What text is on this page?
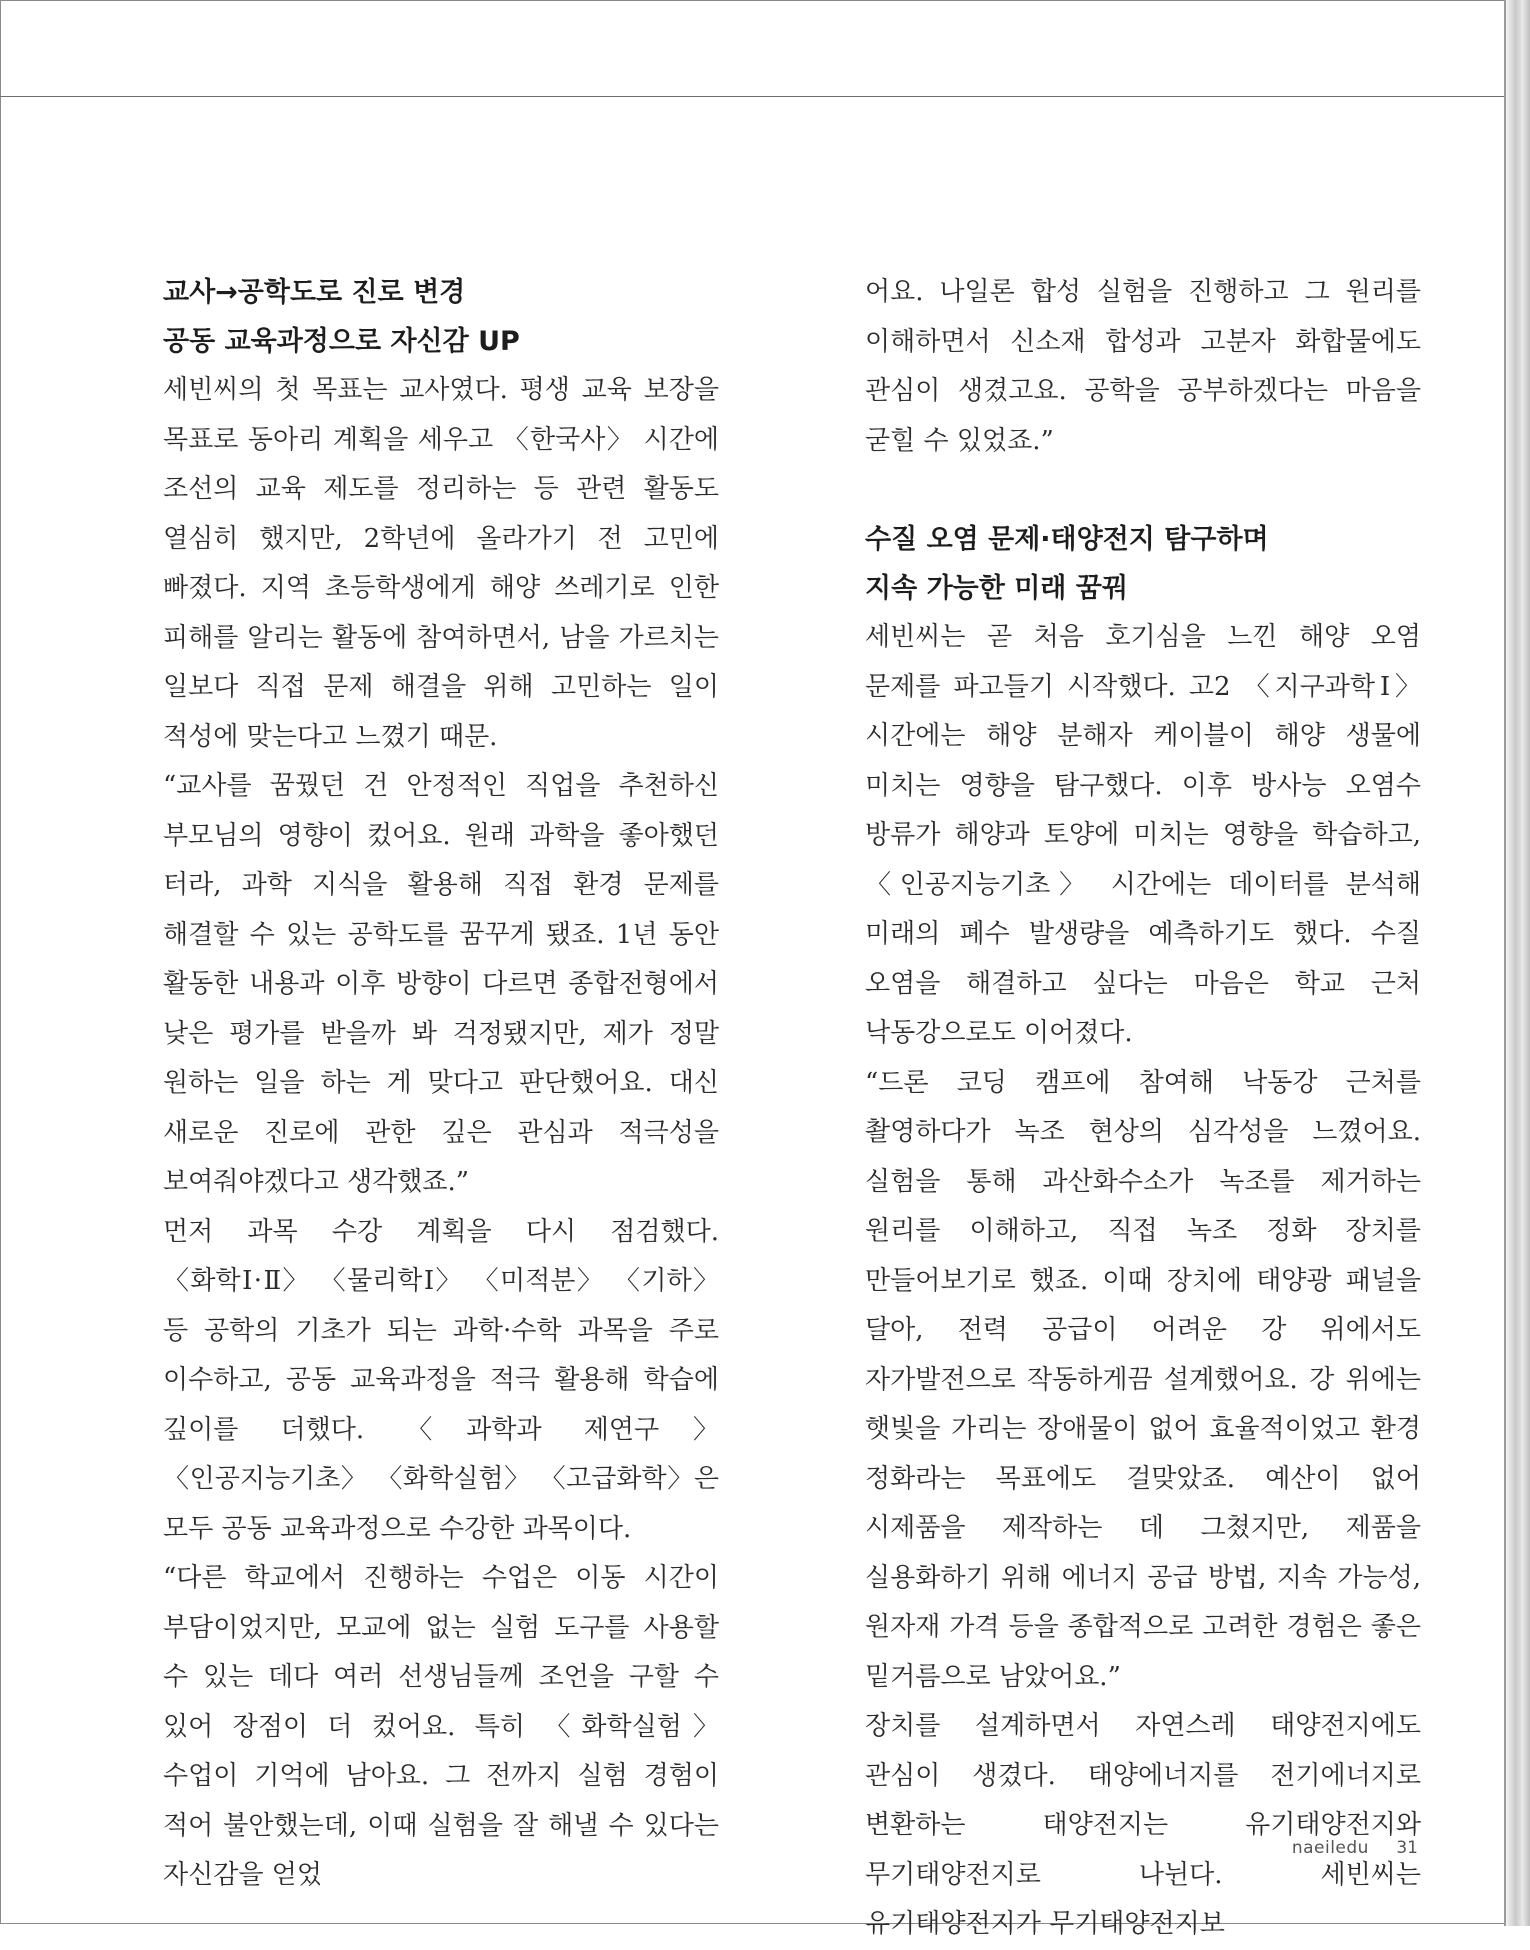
교사→공학도로 진로 변경
공동 교육과정으로 자신감 UP

세빈씨의 첫 목표는 교사였다. 평생 교육 보장을 목표로 동아리 계획을 세우고 〈한국사〉 시간에 조선의 교육 제도를 정리하는 등 관련 활동도 열심히 했지만, 2학년에 올라가기 전 고민에 빠졌다. 지역 초등학생에게 해양 쓰레기로 인한 피해를 알리는 활동에 참여하면서, 남을 가르치는 일보다 직접 문제 해결을 위해 고민하는 일이 적성에 맞는다고 느꼈기 때문.

“교사를 꿈꿨던 건 안정적인 직업을 추천하신 부모님의 영향이 컸어요. 원래 과학을 좋아했던 터라, 과학 지식을 활용해 직접 환경 문제를 해결할 수 있는 공학도를 꿈꾸게 됐죠. 1년 동안 활동한 내용과 이후 방향이 다르면 종합전형에서 낮은 평가를 받을까 봐 걱정됐지만, 제가 정말 원하는 일을 하는 게 맞다고 판단했어요. 대신 새로운 진로에 관한 깊은 관심과 적극성을 보여줘야겠다고 생각했죠.”

먼저 과목 수강 계획을 다시 점검했다. 〈화학Ⅰ·Ⅱ〉 〈물리학Ⅰ〉 〈미적분〉 〈기하〉 등 공학의 기초가 되는 과학·수학 과목을 주로 이수하고, 공동 교육과정을 적극 활용해 학습에 깊이를 더했다. 〈과학과 제연구〉 〈인공지능기초〉 〈화학실험〉 〈고급화학〉은 모두 공동 교육과정으로 수강한 과목이다.

“다른 학교에서 진행하는 수업은 이동 시간이 부담이었지만, 모교에 없는 실험 도구를 사용할 수 있는 데다 여러 선생님들께 조언을 구할 수 있어 장점이 더 컸어요. 특히 〈화학실험〉 수업이 기억에 남아요. 그 전까지 실험 경험이 적어 불안했는데, 이때 실험을 잘 해낼 수 있다는 자신감을 얻었

어요. 나일론 합성 실험을 진행하고 그 원리를 이해하면서 신소재 합성과 고분자 화합물에도 관심이 생겼고요. 공학을 공부하겠다는 마음을 굳힐 수 있었죠.”

수질 오염 문제·태양전지 탐구하며
지속 가능한 미래 꿈꿔

세빈씨는 곧 처음 호기심을 느낀 해양 오염 문제를 파고들기 시작했다. 고2 〈지구과학Ⅰ〉 시간에는 해양 분해자 케이블이 해양 생물에 미치는 영향을 탐구했다. 이후 방사능 오염수 방류가 해양과 토양에 미치는 영향을 학습하고, 〈인공지능기초〉 시간에는 데이터를 분석해 미래의 폐수 발생량을 예측하기도 했다. 수질 오염을 해결하고 싶다는 마음은 학교 근처 낙동강으로도 이어졌다.

“드론 코딩 캠프에 참여해 낙동강 근처를 촬영하다가 녹조 현상의 심각성을 느꼈어요. 실험을 통해 과산화수소가 녹조를 제거하는 원리를 이해하고, 직접 녹조 정화 장치를 만들어보기로 했죠. 이때 장치에 태양광 패널을 달아, 전력 공급이 어려운 강 위에서도 자가발전으로 작동하게끔 설계했어요. 강 위에는 햇빛을 가리는 장애물이 없어 효율적이었고 환경 정화라는 목표에도 걸맞았죠. 예산이 없어 시제품을 제작하는 데 그쳤지만, 제품을 실용화하기 위해 에너지 공급 방법, 지속 가능성, 원자재 가격 등을 종합적으로 고려한 경험은 좋은 밑거름으로 남았어요.”

장치를 설계하면서 자연스레 태양전지에도 관심이 생겼다. 태양에너지를 전기에너지로 변환하는 태양전지는 유기태양전지와 무기태양전지로 나뉜다. 세빈씨는 유기태양전지가 무기태양전지보

naeiledu 31
